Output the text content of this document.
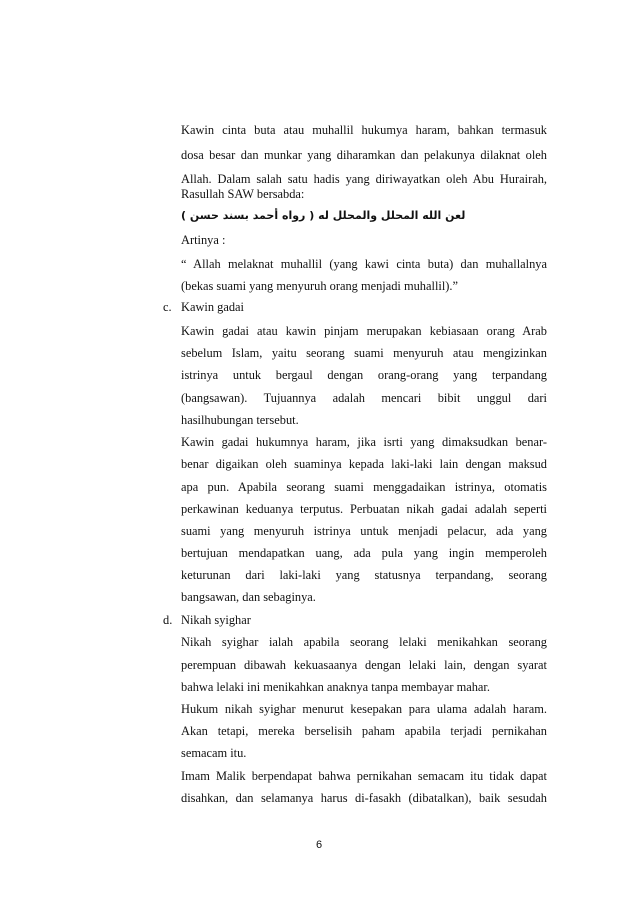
Kawin cinta buta atau muhallil hukumya haram, bahkan termasuk
dosa besar dan munkar yang diharamkan dan pelakunya dilaknat oleh
Allah. Dalam salah satu hadis yang diriwayatkan oleh Abu Hurairah,
Rasullah SAW bersabda:
لعن الله المحلل والمحلل له ( رواه أحمد بسند حسن )
Artinya :
“ Allah melaknat muhallil (yang kawi cinta buta) dan muhallalnya
(bekas suami yang menyuruh orang menjadi muhallil).”
c. Kawin gadai
Kawin gadai atau kawin pinjam merupakan kebiasaan orang Arab
sebelum Islam, yaitu seorang suami menyuruh atau mengizinkan
istrinya untuk bergaul dengan orang-orang yang terpandang
(bangsawan). Tujuannya adalah mencari bibit unggul dari
hasilhubungan tersebut.
Kawin gadai hukumnya haram, jika isrti yang dimaksudkan benar-
benar digaikan oleh suaminya kepada laki-laki lain dengan maksud
apa pun. Apabila seorang suami menggadaikan istrinya, otomatis
perkawinan keduanya terputus. Perbuatan nikah gadai adalah seperti
suami yang menyuruh istrinya untuk menjadi pelacur, ada yang
bertujuan mendapatkan uang, ada pula yang ingin memperoleh
keturunan dari laki-laki yang statusnya terpandang, seorang
bangsawan, dan sebaginya.
d. Nikah syighar
Nikah syighar ialah apabila seorang lelaki menikahkan seorang
perempuan dibawah kekuasaanya dengan lelaki lain, dengan syarat
bahwa lelaki ini menikahkan anaknya tanpa membayar mahar.
Hukum nikah syighar menurut kesepakan para ulama adalah haram.
Akan tetapi, mereka berselisih paham apabila terjadi pernikahan
semacam itu.
Imam Malik berpendapat bahwa pernikahan semacam itu tidak dapat
disahkan, dan selamanya harus di-fasakh (dibatalkan), baik sesudah
6
